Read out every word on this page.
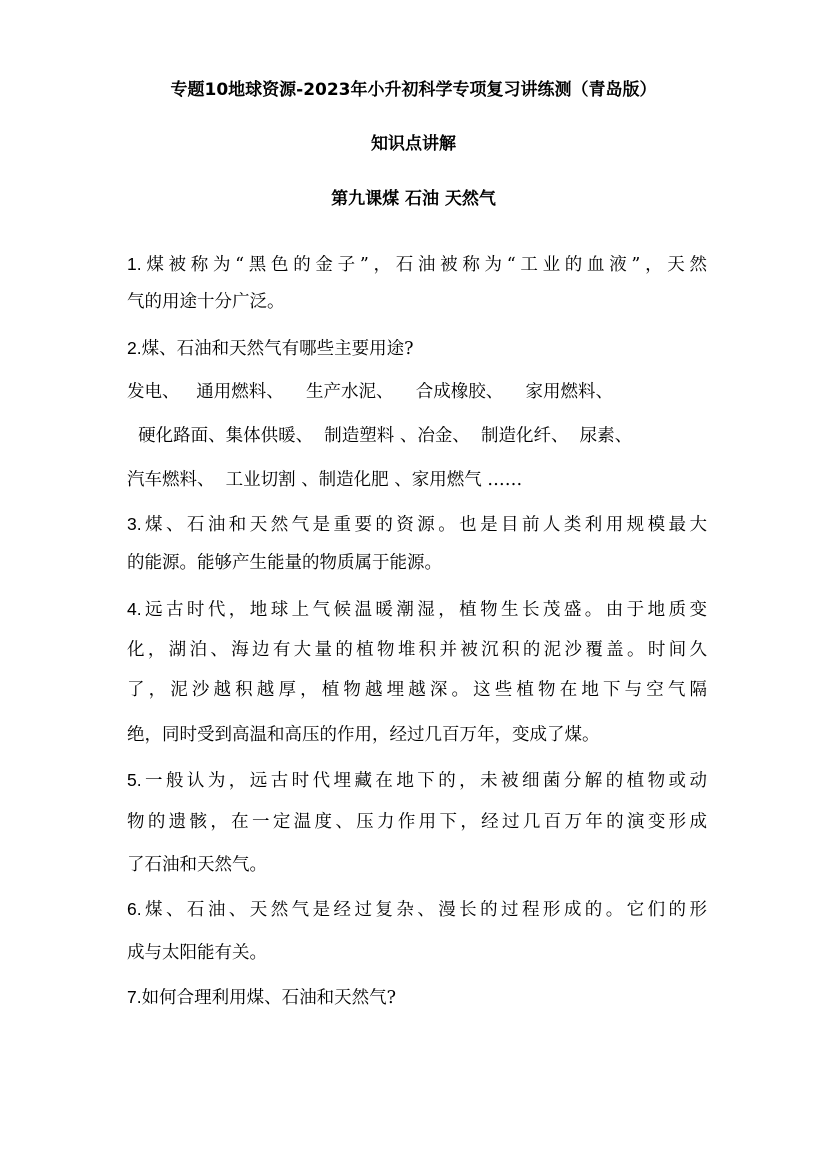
专题10地球资源-2023年小升初科学专项复习讲练测（青岛版）
知识点讲解
第九课煤 石油 天然气
1.煤被称为“黑色的金子”，石油被称为“工业的血液”，天然
气的用途十分广泛。
2.煤、石油和天然气有哪些主要用途?
发电、   通用燃料、    生产水泥、    合成橡胶、    家用燃料、
硬化路面、集体供暖、  制造塑料 、冶金、  制造化纤、  尿素、
汽车燃料、  工业切割 、制造化肥 、家用燃气 ……
3.煤、石油和天然气是重要的资源。也是目前人类利用规模最大
的能源。能够产生能量的物质属于能源。
4.远古时代，地球上气候温暖潮湿，植物生长茂盛。由于地质变
化，湖泊、海边有大量的植物堆积并被沉积的泥沙覆盖。时间久
了，泥沙越积越厚，植物越埋越深。这些植物在地下与空气隔
绝，同时受到高温和高压的作用，经过几百万年，变成了煤。
5.一般认为，远古时代埋藏在地下的，未被细菌分解的植物或动
物的遗骸，在一定温度、压力作用下，经过几百万年的演变形成
了石油和天然气。
6.煤、石油、天然气是经过复杂、漫长的过程形成的。它们的形
成与太阳能有关。
7.如何合理利用煤、石油和天然气?
